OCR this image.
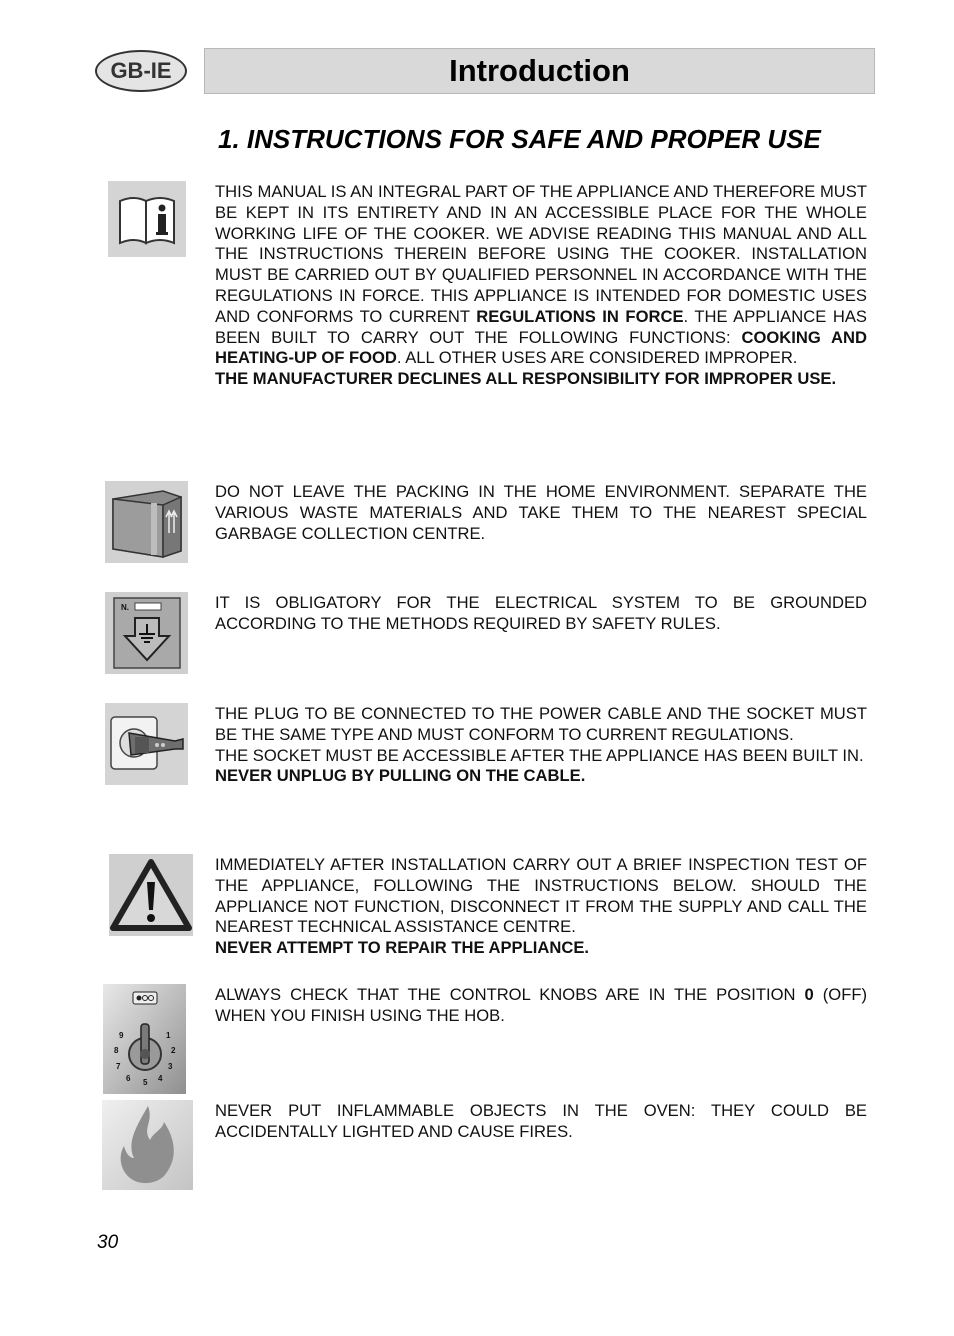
GB-IE	Introduction
1. INSTRUCTIONS FOR SAFE AND PROPER USE

THIS MANUAL IS AN INTEGRAL PART OF THE APPLIANCE AND THEREFORE MUST BE KEPT IN ITS ENTIRETY AND IN AN ACCESSIBLE PLACE FOR THE WHOLE WORKING LIFE OF THE COOKER. WE ADVISE READING THIS MANUAL AND ALL THE INSTRUCTIONS THEREIN BEFORE USING THE COOKER. INSTALLATION MUST BE CARRIED OUT BY QUALIFIED PERSONNEL IN ACCORDANCE WITH THE REGULATIONS IN FORCE. THIS APPLIANCE IS INTENDED FOR DOMESTIC USES AND CONFORMS TO CURRENT REGULATIONS IN FORCE. THE APPLIANCE HAS BEEN BUILT TO CARRY OUT THE FOLLOWING FUNCTIONS: COOKING AND HEATING-UP OF FOOD. ALL OTHER USES ARE CONSIDERED IMPROPER.

THE MANUFACTURER DECLINES ALL RESPONSIBILITY FOR IMPROPER USE.

DO NOT LEAVE THE PACKING IN THE HOME ENVIRONMENT. SEPARATE THE VARIOUS WASTE MATERIALS AND TAKE THEM TO THE NEAREST SPECIAL GARBAGE COLLECTION CENTRE.

N.	IT IS OBLIGATORY FOR THE ELECTRICAL SYSTEM TO BE GROUNDED ACCORDING TO THE METHODS REQUIRED BY SAFETY RULES.

THE PLUG TO BE CONNECTED TO THE POWER CABLE AND THE SOCKET MUST BE THE SAME TYPE AND MUST CONFORM TO CURRENT REGULATIONS.

THE SOCKET MUST BE ACCESSIBLE AFTER THE APPLIANCE HAS BEEN BUILT IN.

NEVER UNPLUG BY PULLING ON THE CABLE.

IMMEDIATELY AFTER INSTALLATION CARRY OUT A BRIEF INSPECTION TEST OF THE APPLIANCE, FOLLOWING THE INSTRUCTIONS BELOW. SHOULD THE APPLIANCE NOT FUNCTION, DISCONNECT IT FROM THE SUPPLY AND CALL THE NEAREST TECHNICAL ASSISTANCE CENTRE.

NEVER ATTEMPT TO REPAIR THE APPLIANCE.

1
2
3
4
5
6
7
8
9

ALWAYS CHECK THAT THE CONTROL KNOBS ARE IN THE POSITION 0 (OFF) WHEN YOU FINISH USING THE HOB.

NEVER PUT INFLAMMABLE OBJECTS IN THE OVEN: THEY COULD BE ACCIDENTALLY LIGHTED AND CAUSE FIRES.

30
